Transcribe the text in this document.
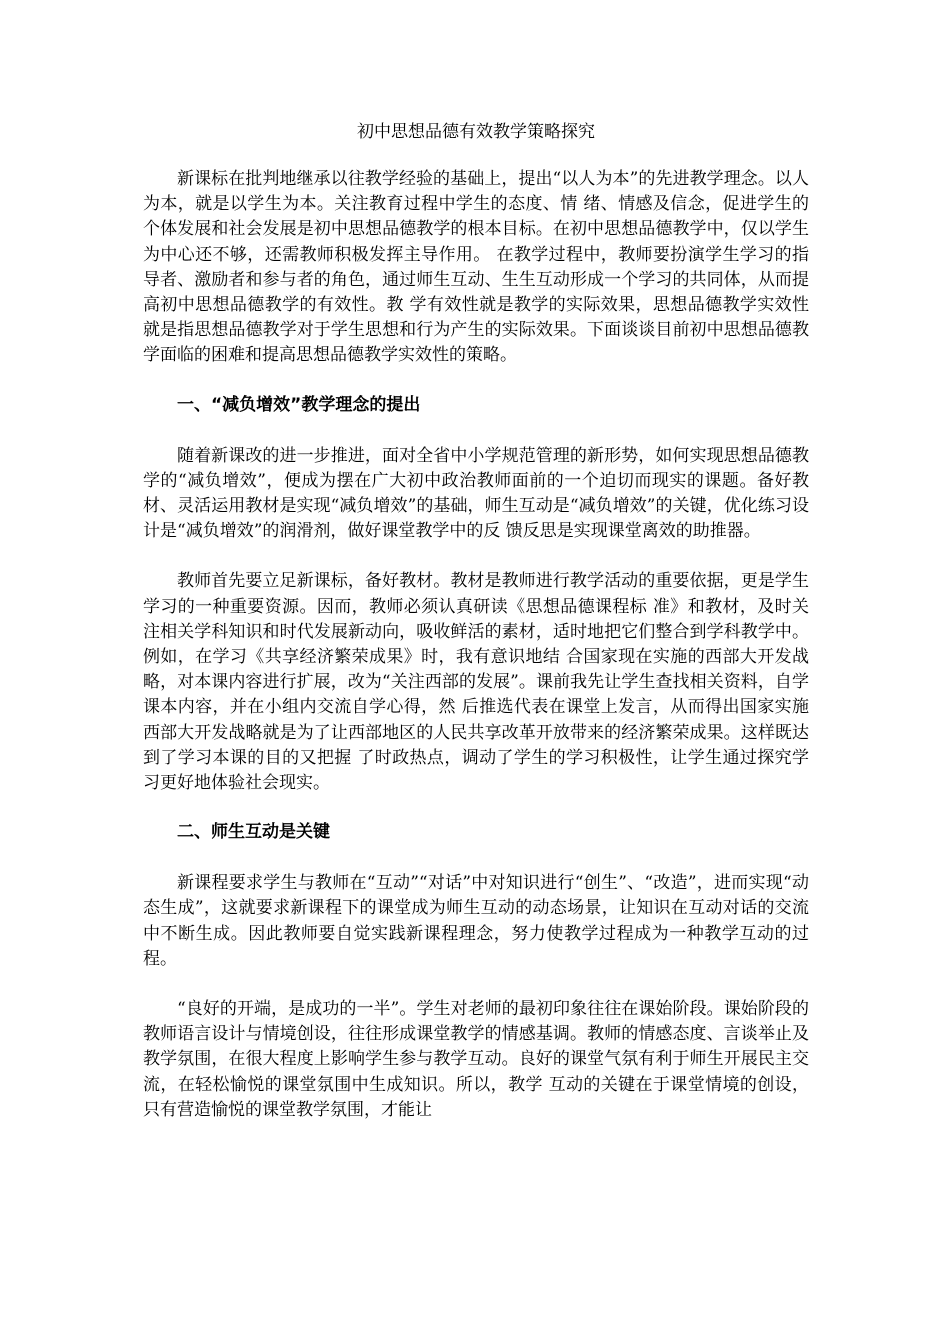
初中思想品德有效教学策略探究

新课标在批判地继承以往教学经验的基础上，提出“以人为本”的先进教学理念。以人为本，就是以学生为本。关注教育过程中学生的态度、情 绪、情感及信念，促进学生的个体发展和社会发展是初中思想品德教学的根本目标。在初中思想品德教学中，仅以学生为中心还不够，还需教师积极发挥主导作用。 在教学过程中，教师要扮演学生学习的指导者、激励者和参与者的角色，通过师生互动、生生互动形成一个学习的共同体，从而提高初中思想品德教学的有效性。教 学有效性就是教学的实际效果，思想品德教学实效性就是指思想品德教学对于学生思想和行为产生的实际效果。下面谈谈目前初中思想品德教学面临的困难和提高思想品德教学实效性的策略。

一、“减负增效”教学理念的提出

随着新课改的进一步推进，面对全省中小学规范管理的新形势，如何实现思想品德教学的“减负增效”，便成为摆在广大初中政治教师面前的一个迫切而现实的课题。备好教材、灵活运用教材是实现“减负增效”的基础，师生互动是“减负增效”的关键，优化练习设计是“减负增效”的润滑剂，做好课堂教学中的反 馈反思是实现课堂离效的助推器。

教师首先要立足新课标，备好教材。教材是教师进行教学活动的重要依据，更是学生学习的一种重要资源。因而，教师必须认真研读《思想品德课程标 准》和教材，及时关注相关学科知识和时代发展新动向，吸收鲜活的素材，适时地把它们整合到学科教学中。例如，在学习《共享经济繁荣成果》时，我有意识地结 合国家现在实施的西部大开发战略，对本课内容进行扩展，改为“关注西部的发展”。课前我先让学生查找相关资料，自学课本内容，并在小组内交流自学心得，然 后推选代表在课堂上发言，从而得出国家实施西部大开发战略就是为了让西部地区的人民共享改革开放带来的经济繁荣成果。这样既达到了学习本课的目的又把握 了时政热点，调动了学生的学习积极性，让学生通过探究学习更好地体验社会现实。

二、师生互动是关键

新课程要求学生与教师在“互动”“对话”中对知识进行“创生”、“改造”，进而实现“动态生成”，这就要求新课程下的课堂成为师生互动的动态场景，让知识在互动对话的交流中不断生成。因此教师要自觉实践新课程理念，努力使教学过程成为一种教学互动的过程。

“良好的开端，是成功的一半”。学生对老师的最初印象往往在课始阶段。课始阶段的教师语言设计与情境创设，往往形成课堂教学的情感基调。教师的情感态度、言谈举止及教学氛围，在很大程度上影响学生参与教学互动。良好的课堂气氛有利于师生开展民主交流，在轻松愉悦的课堂氛围中生成知识。所以，教学 互动的关键在于课堂情境的创设，只有营造愉悦的课堂教学氛围，才能让
